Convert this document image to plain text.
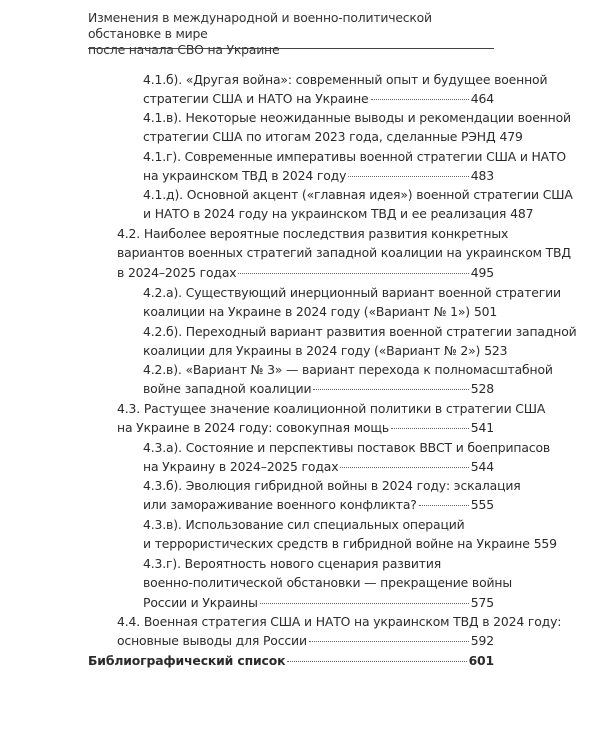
Изменения в международной и военно-политической обстановке в мире
после начала СВО на Украине
4.1.б). «Другая война»: современный опыт и будущее военной
стратегии США и НАТО на Украине	464
4.1.в). Некоторые неожиданные выводы и рекомендации военной
стратегии США по итогам 2023 года, сделанные РЭНД 479
4.1.г). Современные императивы военной стратегии США и НАТО
на украинском ТВД в 2024 году	483
4.1.д). Основной акцент («главная идея») военной стратегии США
и НАТО в 2024 году на украинском ТВД и ее реализация 487
4.2. Наиболее вероятные последствия развития конкретных
вариантов военных стратегий западной коалиции на украинском ТВД
в 2024–2025 годах	495
4.2.а). Существующий инерционный вариант военной стратегии
коалиции на Украине в 2024 году («Вариант № 1») 501
4.2.б). Переходный вариант развития военной стратегии западной
коалиции для Украины в 2024 году («Вариант № 2») 523
4.2.в). «Вариант № 3» — вариант перехода к полномасштабной
войне западной коалиции	528
4.3. Растущее значение коалиционной политики в стратегии США
на Украине в 2024 году: совокупная мощь	541
4.3.а). Состояние и перспективы поставок ВВСТ и боеприпасов
на Украину в 2024–2025 годах	544
4.3.б). Эволюция гибридной войны в 2024 году: эскалация
или замораживание военного конфликта?	555
4.3.в). Использование сил специальных операций
и террористических средств в гибридной войне на Украине 559
4.3.г). Вероятность нового сценария развития
военно-политической обстановки — прекращение войны
России и Украины	575
4.4. Военная стратегия США и НАТО на украинском ТВД в 2024 году:
основные выводы для России	592
Библиографический список	601
